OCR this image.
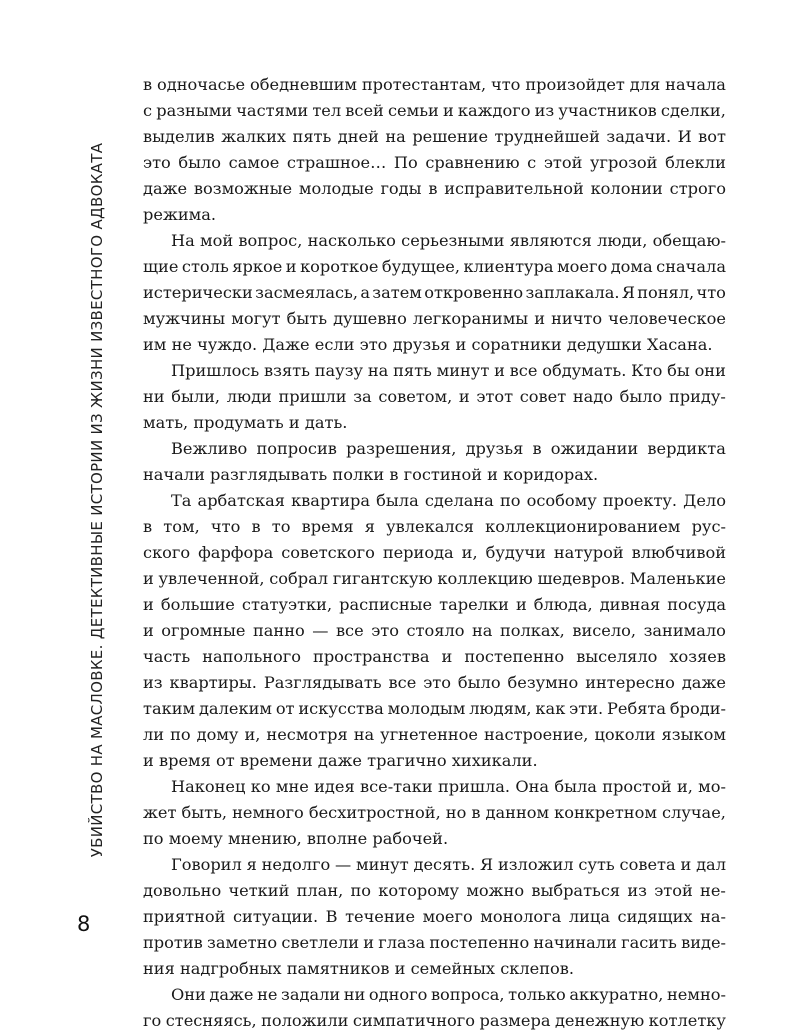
УБИЙСТВО НА МАСЛОВКЕ. ДЕТЕКТИВНЫЕ ИСТОРИИ ИЗ ЖИЗНИ ИЗВЕСТНОГО АДВОКАТА
в одночасье обедневшим протестантам, что произойдет для начала
с разными частями тел всей семьи и каждого из участников сделки,
выделив жалких пять дней на решение труднейшей задачи. И вот
это было самое страшное… По сравнению с этой угрозой блекли
даже возможные молодые годы в исправительной колонии строго
режима.
На мой вопрос, насколько серьезными являются люди, обещаю-
щие столь яркое и короткое будущее, клиентура моего дома сначала
истерически засмеялась, а затем откровенно заплакала. Я понял, что
мужчины могут быть душевно легкоранимы и ничто человеческое
им не чуждо. Даже если это друзья и соратники дедушки Хасана.
Пришлось взять паузу на пять минут и все обдумать. Кто бы они
ни были, люди пришли за советом, и этот совет надо было приду-
мать, продумать и дать.
Вежливо попросив разрешения, друзья в ожидании вердикта
начали разглядывать полки в гостиной и коридорах.
Та арбатская квартира была сделана по особому проекту. Дело
в том, что в то время я увлекался коллекционированием рус-
ского фарфора советского периода и, будучи натурой влюбчивой
и увлеченной, собрал гигантскую коллекцию шедевров. Маленькие
и большие статуэтки, расписные тарелки и блюда, дивная посуда
и огромные панно — все это стояло на полках, висело, занимало
часть напольного пространства и постепенно выселяло хозяев
из квартиры. Разглядывать все это было безумно интересно даже
таким далеким от искусства молодым людям, как эти. Ребята броди-
ли по дому и, несмотря на угнетенное настроение, цоколи языком
и время от времени даже трагично хихикали.
Наконец ко мне идея все-таки пришла. Она была простой и, мо-
жет быть, немного бесхитростной, но в данном конкретном случае,
по моему мнению, вполне рабочей.
Говорил я недолго — минут десять. Я изложил суть совета и дал
довольно четкий план, по которому можно выбраться из этой не-
приятной ситуации. В течение моего монолога лица сидящих на-
против заметно светлели и глаза постепенно начинали гасить виде-
ния надгробных памятников и семейных склепов.
Они даже не задали ни одного вопроса, только аккуратно, немно-
го стесняясь, положили симпатичного размера денежную котлетку
8
